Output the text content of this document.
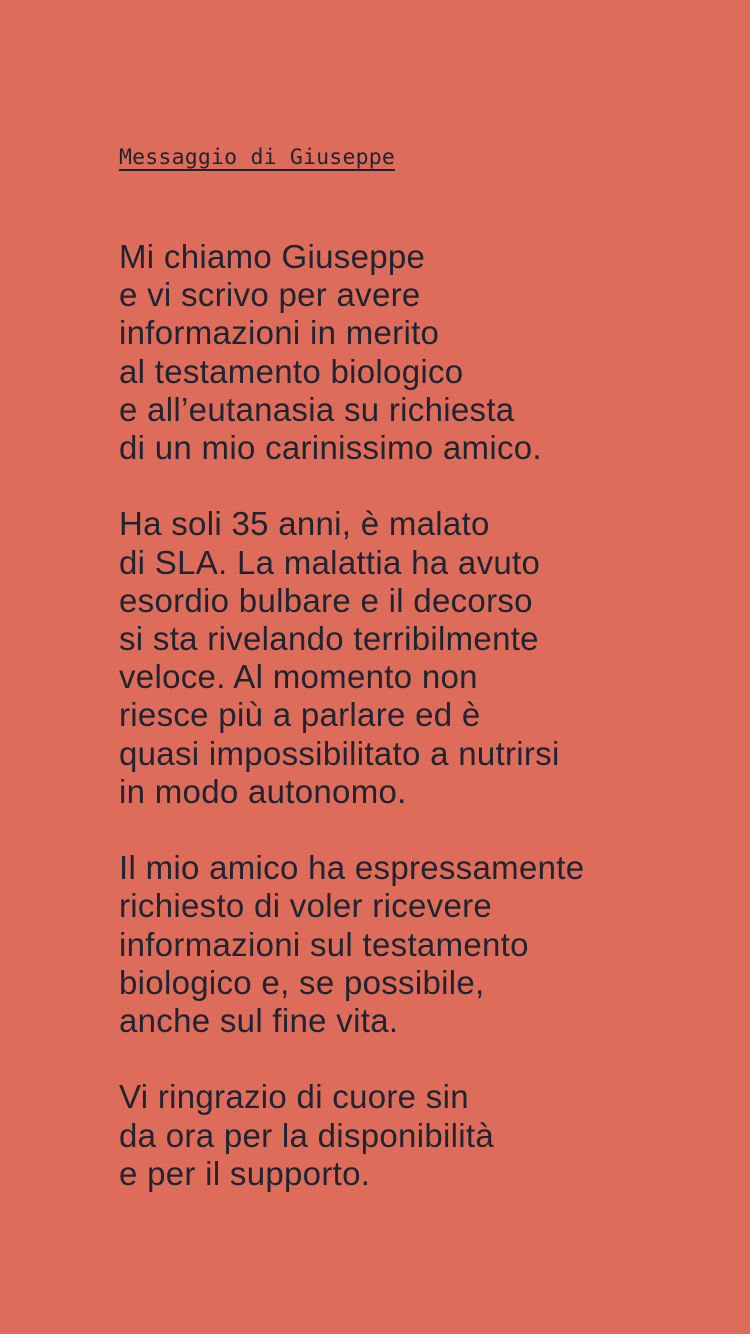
Messaggio di Giuseppe

Mi chiamo Giuseppe
e vi scrivo per avere
informazioni in merito
al testamento biologico
e all’eutanasia su richiesta
di un mio carinissimo amico.

Ha soli 35 anni, è malato
di SLA. La malattia ha avuto
esordio bulbare e il decorso
si sta rivelando terribilmente
veloce. Al momento non
riesce più a parlare ed è
quasi impossibilitato a nutrirsi
in modo autonomo.

Il mio amico ha espressamente
richiesto di voler ricevere
informazioni sul testamento
biologico e, se possibile,
anche sul fine vita.

Vi ringrazio di cuore sin
da ora per la disponibilità
e per il supporto.
